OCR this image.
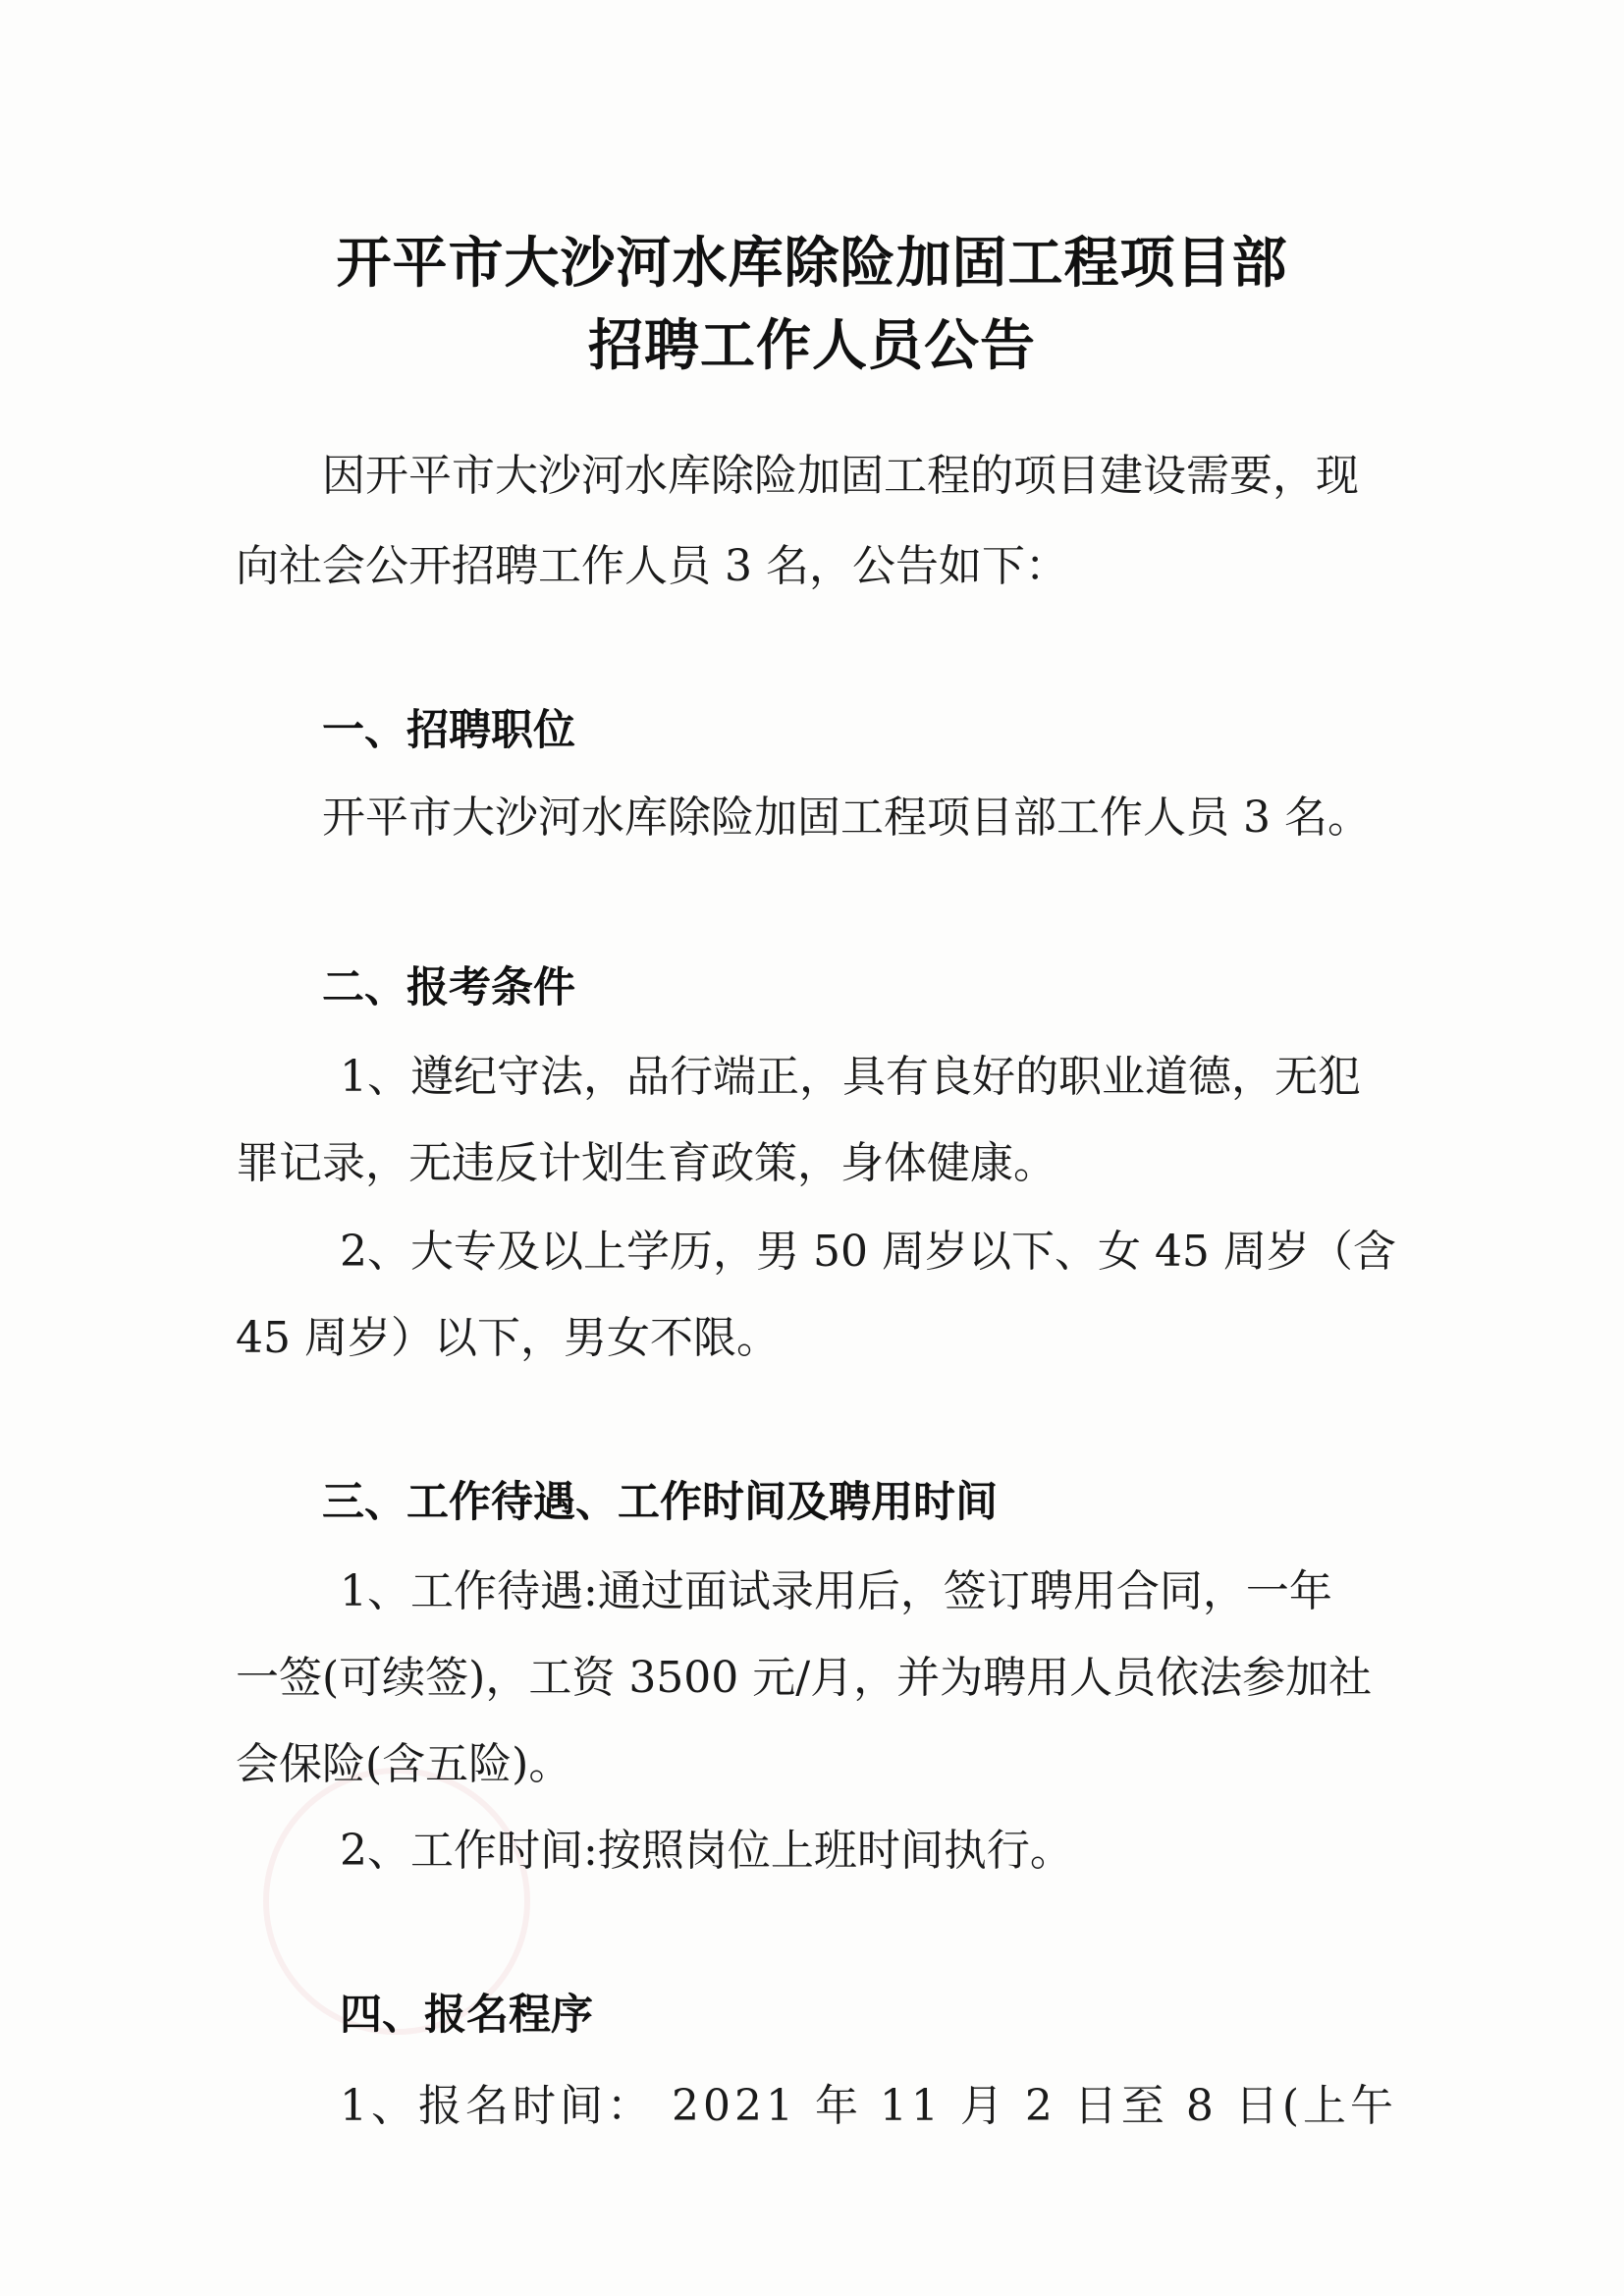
开平市大沙河水库除险加固工程项目部
招聘工作人员公告
因开平市大沙河水库除险加固工程的项目建设需要，现
向社会公开招聘工作人员 3 名，公告如下：
一、招聘职位
开平市大沙河水库除险加固工程项目部工作人员 3 名。
二、报考条件
1、遵纪守法，品行端正，具有良好的职业道德，无犯
罪记录，无违反计划生育政策，身体健康。
2、大专及以上学历，男 50 周岁以下、女 45 周岁（含
45 周岁）以下，男女不限。
三、工作待遇、工作时间及聘用时间
1、工作待遇:通过面试录用后，签订聘用合同，一年
一签(可续签)，工资 3500 元/月，并为聘用人员依法参加社
会保险(含五险)。
2、工作时间:按照岗位上班时间执行。
四、报名程序
1、报名时间： 2021 年 11 月 2 日至 8 日(上午
